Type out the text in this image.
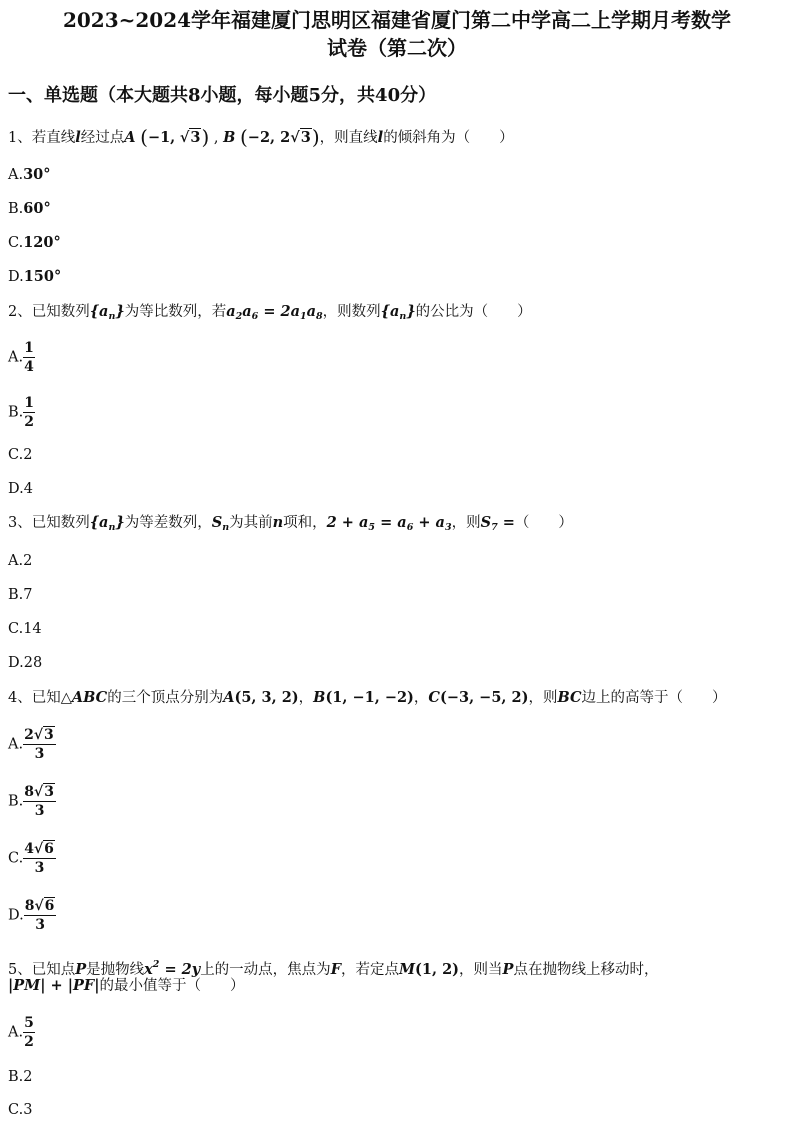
2023~2024学年福建厦门思明区福建省厦门第二中学高二上学期月考数学
试卷（第二次）
一、单选题（本大题共8小题，每小题5分，共40分）
1、若直线l经过点A (−1, √3) , B (−2, 2√3)，则直线l的倾斜角为（　　）
A.30°
B.60°
C.120°
D.150°
2、已知数列$\{a_n\}$为等比数列，若$a_2a_6 = 2a_1a_8$，则数列$\{a_n\}$的公比为（　　）
A. $\frac{1}{4}$
B. $\frac{1}{2}$
C.2
D.4
3、已知数列$\{a_n\}$为等差数列，$S_n$为其前n项和，$2 + a_5 = a_6 + a_3$，则$S_7$ =（　　）
A.2
B.7
C.14
D.28
4、已知△ABC的三个顶点分别为A(5, 3, 2)，B(1, −1, −2)，C(−3, −5, 2)，则BC边上的高等于（　　）
A. $\frac{2√3}{3}$
B. $\frac{8√3}{3}$
C. $\frac{4√6}{3}$
D. $\frac{8√6}{3}$
5、已知点P是抛物线$x^2 = 2y$上的一动点，焦点为F，若定点M(1, 2)，则当P点在抛物线上移动时，
|PM| + |PF|的最小值等于（　　）
A. $\frac{5}{2}$
B.2
C.3
